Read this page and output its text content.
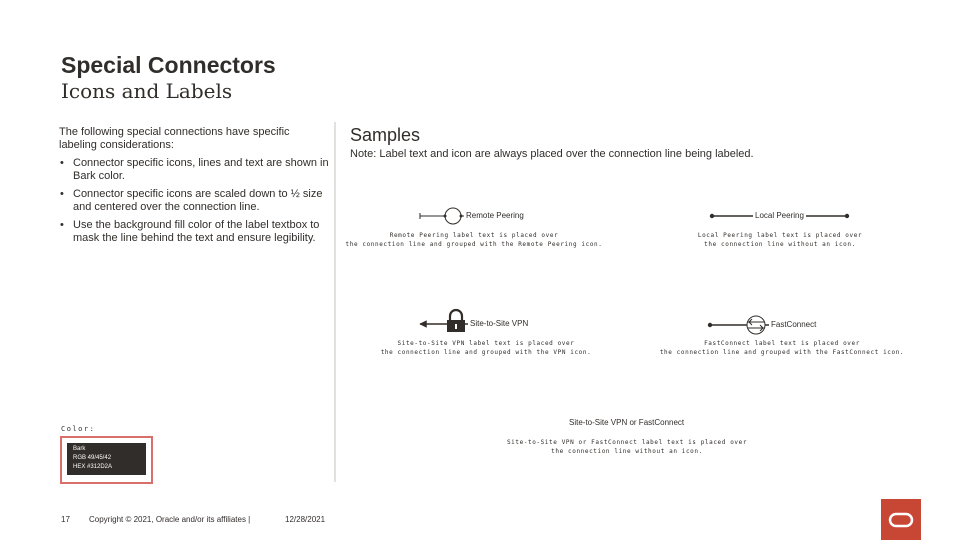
Special Connectors
Icons and Labels
The following special connections have specific labeling considerations:
• Connector specific icons, lines and text are shown in Bark color.
• Connector specific icons are scaled down to ½ size and centered over the connection line.
• Use the background fill color of the label textbox to mask the line behind the text and ensure legibility.
Samples
Note: Label text and icon are always placed over the connection line being labeled.
Remote Peering	Local Peering
Site-to-Site VPN	FastConnect
Site-to-Site VPN or FastConnect
Remote Peering label text is placed over
the connection line and grouped with the Remote Peering icon.
Local Peering label text is placed over
the connection line without an icon.
Site-to-Site VPN label text is placed over
the connection line and grouped with the VPN icon.
FastConnect label text is placed over
the connection line and grouped with the FastConnect icon.
Site-to-Site VPN or FastConnect label text is placed over
the connection line without an icon.
Color:
Bark
RGB 49/45/42
HEX #312D2A
17 Copyright © 2021, Oracle and/or its affiliates |	12/28/2021
